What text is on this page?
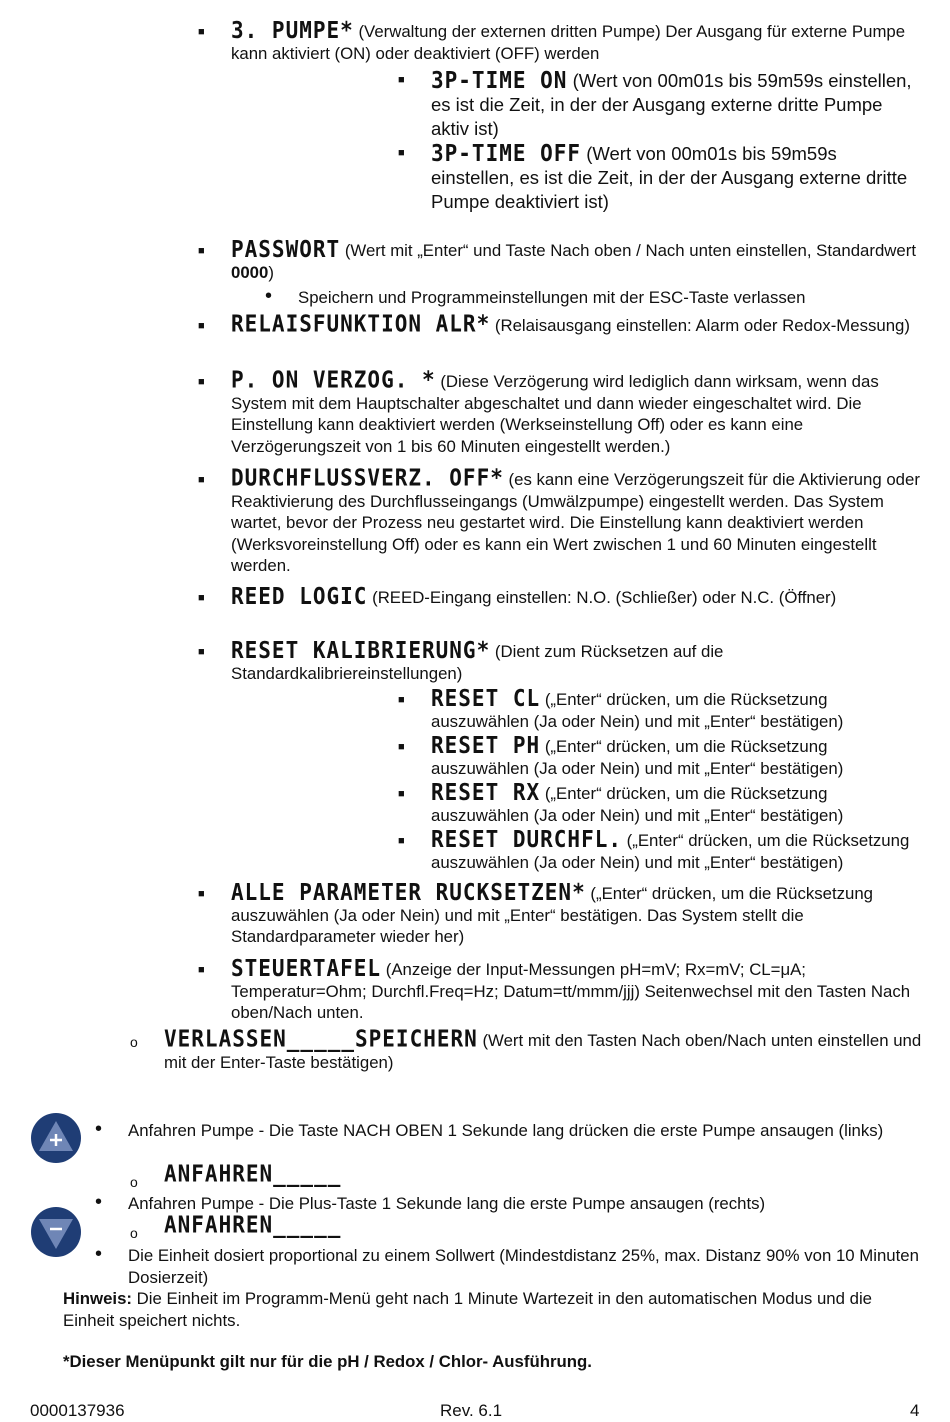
■ 3. PUMPE* (Verwaltung der externen dritten Pumpe) Der Ausgang für externe Pumpe kann aktiviert (ON) oder deaktiviert (OFF) werden
■ 3P-TIME ON (Wert von 00m01s bis 59m59s einstellen, es ist die Zeit, in der der Ausgang externe dritte Pumpe aktiv ist)
■ 3P-TIME OFF (Wert von 00m01s bis 59m59s einstellen, es ist die Zeit, in der der Ausgang externe dritte Pumpe deaktiviert ist)
■ PASSWORT (Wert mit „Enter“ und Taste Nach oben / Nach unten einstellen, Standardwert 0000)
• Speichern und Programmeinstellungen mit der ESC-Taste verlassen
■ RELAISFUNKTION ALR* (Relaisausgang einstellen: Alarm oder Redox-Messung)
■ P. ON VERZOG. * (Diese Verzögerung wird lediglich dann wirksam, wenn das System mit dem Hauptschalter abgeschaltet und dann wieder eingeschaltet wird. Die Einstellung kann deaktiviert werden (Werkseinstellung Off) oder es kann eine Verzögerungszeit von 1 bis 60 Minuten eingestellt werden.)
■ DURCHFLUSSVERZ. OFF* (es kann eine Verzögerungszeit für die Aktivierung oder Reaktivierung des Durchflusseingangs (Umwälzpumpe) eingestellt werden. Das System wartet, bevor der Prozess neu gestartet wird. Die Einstellung kann deaktiviert werden (Werksvoreinstellung Off) oder es kann ein Wert zwischen 1 und 60 Minuten eingestellt werden.
■ REED LOGIC (REED-Eingang einstellen: N.O. (Schließer) oder N.C. (Öffner)
■ RESET KALIBRIERUNG* (Dient zum Rücksetzen auf die Standardkalibriereinstellungen)
■ RESET CL („Enter“ drücken, um die Rücksetzung auszuwählen (Ja oder Nein) und mit „Enter“ bestätigen)
■ RESET PH („Enter“ drücken, um die Rücksetzung auszuwählen (Ja oder Nein) und mit „Enter“ bestätigen)
■ RESET RX („Enter“ drücken, um die Rücksetzung auszuwählen (Ja oder Nein) und mit „Enter“ bestätigen)
■ RESET DURCHFL. („Enter“ drücken, um die Rücksetzung auszuwählen (Ja oder Nein) und mit „Enter“ bestätigen)
■ ALLE PARAMETER RUCKSETZEN* („Enter“ drücken, um die Rücksetzung auszuwählen (Ja oder Nein) und mit „Enter“ bestätigen. Das System stellt die Standardparameter wieder her)
■ STEUERTAFEL (Anzeige der Input-Messungen pH=mV; Rx=mV; CL=μA; Temperatur=Ohm; Durchfl.Freq=Hz; Datum=tt/mmm/jjj) Seitenwechsel mit den Tasten Nach oben/Nach unten.
o VERLASSEN_____SPEICHERN (Wert mit den Tasten Nach oben/Nach unten einstellen und mit der Enter-Taste bestätigen)
• Anfahren Pumpe - Die Taste NACH OBEN 1 Sekunde lang drücken die erste Pumpe ansaugen (links)
o ANFAHREN_____
• Anfahren Pumpe - Die Plus-Taste 1 Sekunde lang die erste Pumpe ansaugen (rechts)
o ANFAHREN_____
• Die Einheit dosiert proportional zu einem Sollwert (Mindestdistanz 25%, max. Distanz 90% von 10 Minuten Dosierzeit)
Hinweis: Die Einheit im Programm-Menü geht nach 1 Minute Wartezeit in den automatischen Modus und die Einheit speichert nichts.
*Dieser Menüpunkt gilt nur für die pH / Redox / Chlor- Ausführung.
0000137936	Rev. 6.1	4
